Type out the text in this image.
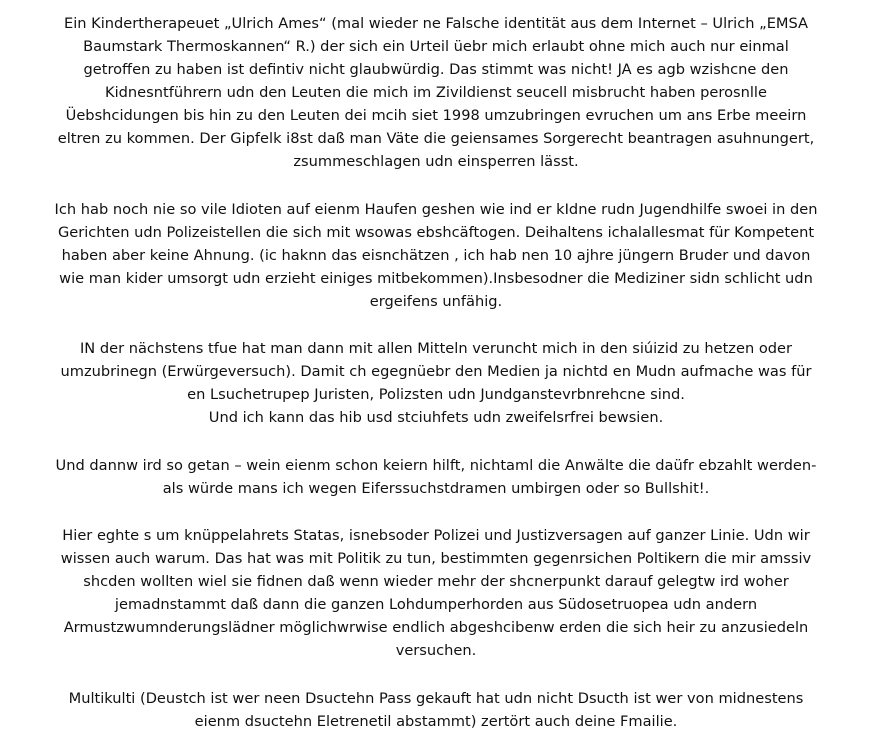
Ein Kindertherapeuet „Ulrich Ames“ (mal wieder ne Falsche identität aus dem Internet – Ulrich „EMSA
Baumstark Thermoskannen“ R.) der sich ein Urteil üebr mich erlaubt ohne mich auch nur einmal
getroffen zu haben ist defintiv nicht glaubwürdig. Das stimmt was nicht! JA es agb wzishcne den
Kidnesntführern udn den Leuten die mich im Zivildienst seucell misbrucht haben perosnlle
Üebshcidungen bis hin zu den Leuten dei mcih siet 1998 umzubringen evruchen um ans Erbe meeirn
eltren zu kommen. Der Gipfelk i8st daß man Väte die geiensames Sorgerecht beantragen asuhnungert,
zsummeschlagen udn einsperren lässt.

Ich hab noch nie so vile Idioten auf eienm Haufen geshen wie ind er kIdne rudn Jugendhilfe swoei in den
Gerichten udn Polizeistellen die sich mit wsowas ebshcäftogen. Deihaltens ichalallesmat für Kompetent
haben aber keine Ahnung. (ic haknn das eisnchätzen , ich hab nen 10 ajhre jüngern Bruder und davon
wie man kider umsorgt udn erzieht einiges mitbekommen).Insbesodner die Mediziner sidn schlicht udn
ergeifens unfähig.

IN der nächstens tfue hat man dann mit allen Mitteln veruncht mich in den siúizid zu hetzen oder
umzubrinegn (Erwürgeversuch). Damit ch egegnüebr den Medien ja nichtd en Mudn aufmache was für
en Lsuchetrupep Juristen, Polizsten udn Jundganstevrbnrehcne sind.
Und ich kann das hib usd stciuhfets udn zweifelsrfrei bewsien.

Und dannw ird so getan – wein eienm schon keiern hilft, nichtaml die Anwälte die daüfr ebzahlt werden-
als würde mans ich wegen Eiferssuchstdramen umbirgen oder so Bullshit!.

Hier eghte s um knüppelahrets Statas, isnebsoder Polizei und Justizversagen auf ganzer Linie. Udn wir
wissen auch warum. Das hat was mit Politik zu tun, bestimmten gegenrsichen Poltikern die mir amssiv
shcden wollten wiel sie fidnen daß wenn wieder mehr der shcnerpunkt darauf gelegtw ird woher
jemadnstammt daß dann die ganzen Lohdumperhorden aus Südosetruopea udn andern
Armustzwumnderungslädner möglichwrwise endlich abgeshcibenw erden die sich heir zu anzusiedeln
versuchen.

Multikulti (Deustch ist wer neen Dsuctehn Pass gekauft hat udn nicht Dsucth ist wer von midnestens
eienm dsuctehn Eletrenetil abstammt) zertört auch deine Fmailie.
